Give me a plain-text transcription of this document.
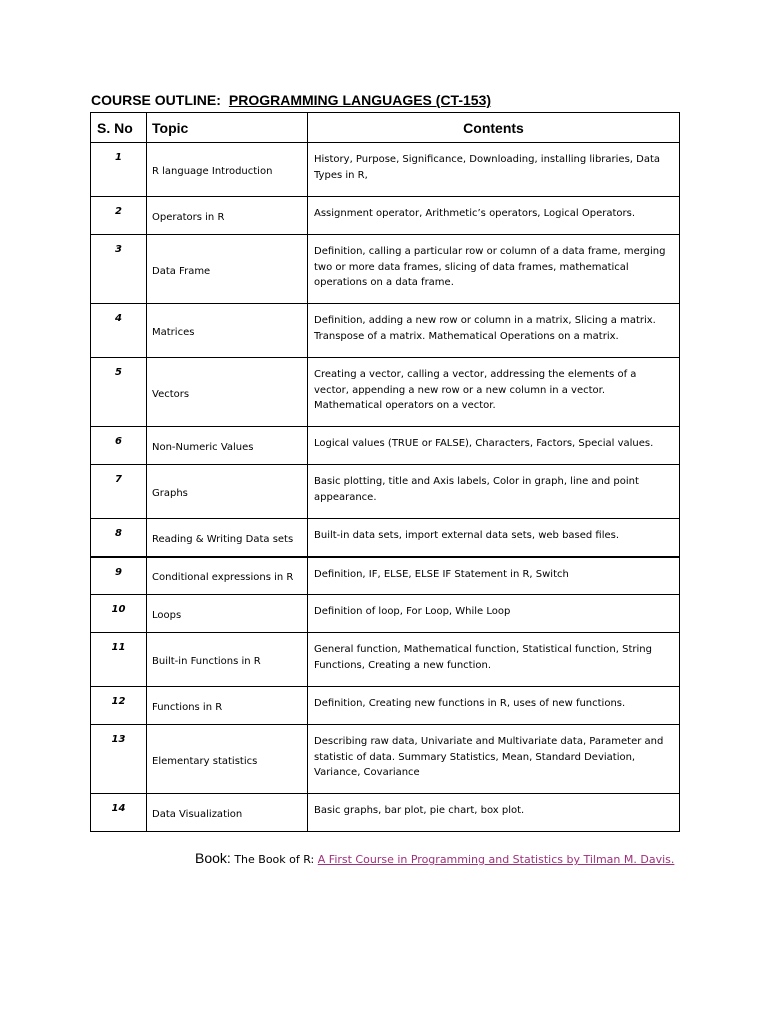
COURSE OUTLINE: PROGRAMMING LANGUAGES (CT-153)
S. No	Topic	Contents
1	R language Introduction	History, Purpose, Significance, Downloading, installing libraries, Data Types in R,
2	Operators in R	Assignment operator, Arithmetic’s operators, Logical Operators.
3	Data Frame	Definition, calling a particular row or column of a data frame, merging two or more data frames, slicing of data frames, mathematical operations on a data frame.
4	Matrices	Definition, adding a new row or column in a matrix, Slicing a matrix. Transpose of a matrix. Mathematical Operations on a matrix.
5	Vectors	Creating a vector, calling a vector, addressing the elements of a vector, appending a new row or a new column in a vector. Mathematical operators on a vector.
6	Non-Numeric Values	Logical values (TRUE or FALSE), Characters, Factors, Special values.
7	Graphs	Basic plotting, title and Axis labels, Color in graph, line and point appearance.
8	Reading & Writing Data sets	Built-in data sets, import external data sets, web based files.
9	Conditional expressions in R	Definition, IF, ELSE, ELSE IF Statement in R, Switch
10	Loops	Definition of loop, For Loop, While Loop
11	Built-in Functions in R	General function, Mathematical function, Statistical function, String Functions, Creating a new function.
12	Functions in R	Definition, Creating new functions in R, uses of new functions.
13	Elementary statistics	Describing raw data, Univariate and Multivariate data, Parameter and statistic of data. Summary Statistics, Mean, Standard Deviation, Variance, Covariance
14	Data Visualization	Basic graphs, bar plot, pie chart, box plot.
Book: The Book of R: A First Course in Programming and Statistics by Tilman M. Davis.
